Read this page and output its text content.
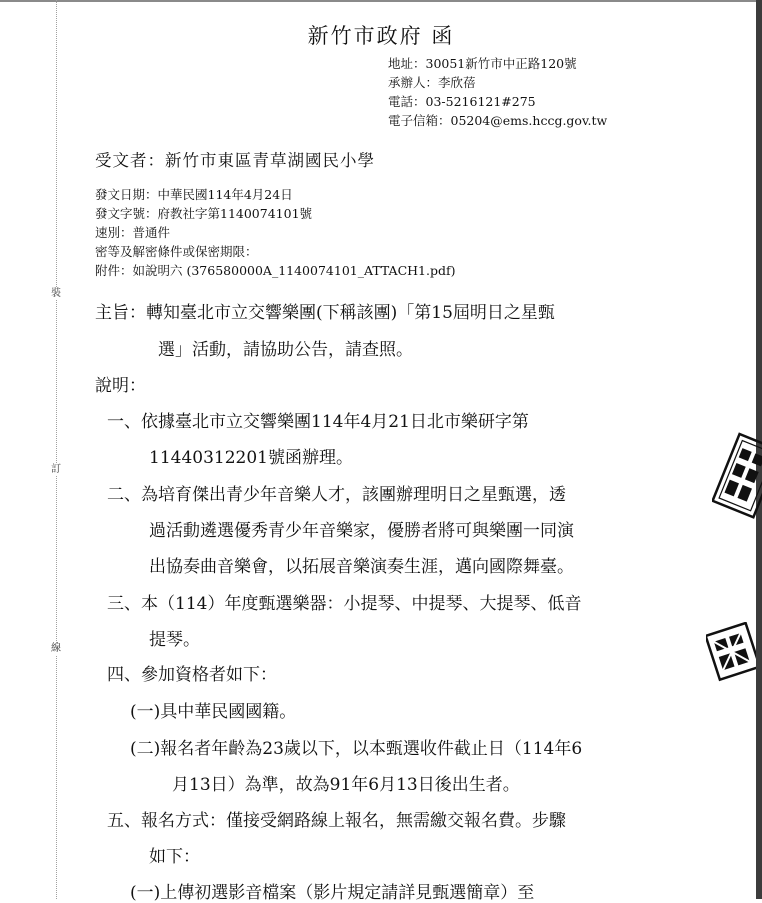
裝
訂
線
新竹市政府 函
地址：30051新竹市中正路120號
承辦人：李欣蓓
電話：03-5216121#275
電子信箱：05204@ems.hccg.gov.tw
受文者：新竹市東區青草湖國民小學
發文日期：中華民國114年4月24日
發文字號：府教社字第1140074101號
速別：普通件
密等及解密條件或保密期限：
附件：如說明六 (376580000A_1140074101_ATTACH1.pdf)
主旨：轉知臺北市立交響樂團(下稱該團)「第15屆明日之星甄
選」活動，請協助公告，請查照。
說明：
一、依據臺北市立交響樂團114年4月21日北市樂研字第
11440312201號函辦理。
二、為培育傑出青少年音樂人才，該團辦理明日之星甄選，透
過活動遴選優秀青少年音樂家，優勝者將可與樂團一同演
出協奏曲音樂會，以拓展音樂演奏生涯，邁向國際舞臺。
三、本（114）年度甄選樂器：小提琴、中提琴、大提琴、低音
提琴。
四、參加資格者如下：
(一)具中華民國國籍。
(二)報名者年齡為23歲以下，以本甄選收件截止日（114年6
月13日）為準，故為91年6月13日後出生者。
五、報名方式：僅接受網路線上報名，無需繳交報名費。步驟
如下：
(一)上傳初選影音檔案（影片規定請詳見甄選簡章）至
